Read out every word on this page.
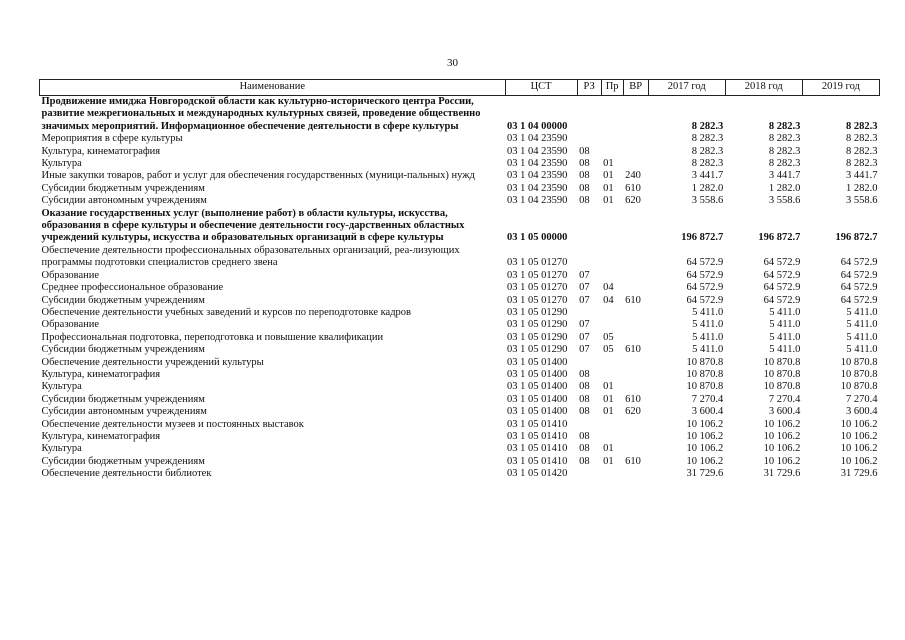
30
Наименование	ЦСТ	РЗ	Пр	ВР	2017 год	2018 год	2019 год
Продвижение имиджа Новгородской области как культурно-исторического центра России, развитие межрегиональных и международных культурных связей, проведение общественно значимых мероприятий. Информационное обеспечение деятельности в сфере культуры	03 1 04 00000				8 282.3	8 282.3	8 282.3
Мероприятия в сфере культуры	03 1 04 23590				8 282.3	8 282.3	8 282.3
Культура, кинематография	03 1 04 23590	08			8 282.3	8 282.3	8 282.3
Культура	03 1 04 23590	08	01		8 282.3	8 282.3	8 282.3
Иные закупки товаров, работ и услуг для обеспечения государственных (муници-пальных) нужд	03 1 04 23590	08	01	240	3 441.7	3 441.7	3 441.7
Субсидии бюджетным учреждениям	03 1 04 23590	08	01	610	1 282.0	1 282.0	1 282.0
Субсидии автономным учреждениям	03 1 04 23590	08	01	620	3 558.6	3 558.6	3 558.6
Оказание государственных услуг (выполнение работ) в области культуры, искусства, образования в сфере культуры и обеспечение деятельности госу-дарственных областных учреждений культуры, искусства и образовательных организаций в сфере культуры	03 1 05 00000				196 872.7	196 872.7	196 872.7
Обеспечение деятельности профессиональных образовательных организаций, реа-лизующих программы подготовки специалистов среднего звена	03 1 05 01270				64 572.9	64 572.9	64 572.9
Образование	03 1 05 01270	07			64 572.9	64 572.9	64 572.9
Среднее профессиональное образование	03 1 05 01270	07	04		64 572.9	64 572.9	64 572.9
Субсидии бюджетным учреждениям	03 1 05 01270	07	04	610	64 572.9	64 572.9	64 572.9
Обеспечение деятельности учебных заведений и курсов по переподготовке кадров	03 1 05 01290				5 411.0	5 411.0	5 411.0
Образование	03 1 05 01290	07			5 411.0	5 411.0	5 411.0
Профессиональная подготовка, переподготовка и повышение квалификации	03 1 05 01290	07	05		5 411.0	5 411.0	5 411.0
Субсидии бюджетным учреждениям	03 1 05 01290	07	05	610	5 411.0	5 411.0	5 411.0
Обеспечение деятельности учреждений культуры	03 1 05 01400				10 870.8	10 870.8	10 870.8
Культура, кинематография	03 1 05 01400	08			10 870.8	10 870.8	10 870.8
Культура	03 1 05 01400	08	01		10 870.8	10 870.8	10 870.8
Субсидии бюджетным учреждениям	03 1 05 01400	08	01	610	7 270.4	7 270.4	7 270.4
Субсидии автономным учреждениям	03 1 05 01400	08	01	620	3 600.4	3 600.4	3 600.4
Обеспечение деятельности музеев и постоянных выставок	03 1 05 01410				10 106.2	10 106.2	10 106.2
Культура, кинематография	03 1 05 01410	08			10 106.2	10 106.2	10 106.2
Культура	03 1 05 01410	08	01		10 106.2	10 106.2	10 106.2
Субсидии бюджетным учреждениям	03 1 05 01410	08	01	610	10 106.2	10 106.2	10 106.2
Обеспечение деятельности библиотек	03 1 05 01420				31 729.6	31 729.6	31 729.6
